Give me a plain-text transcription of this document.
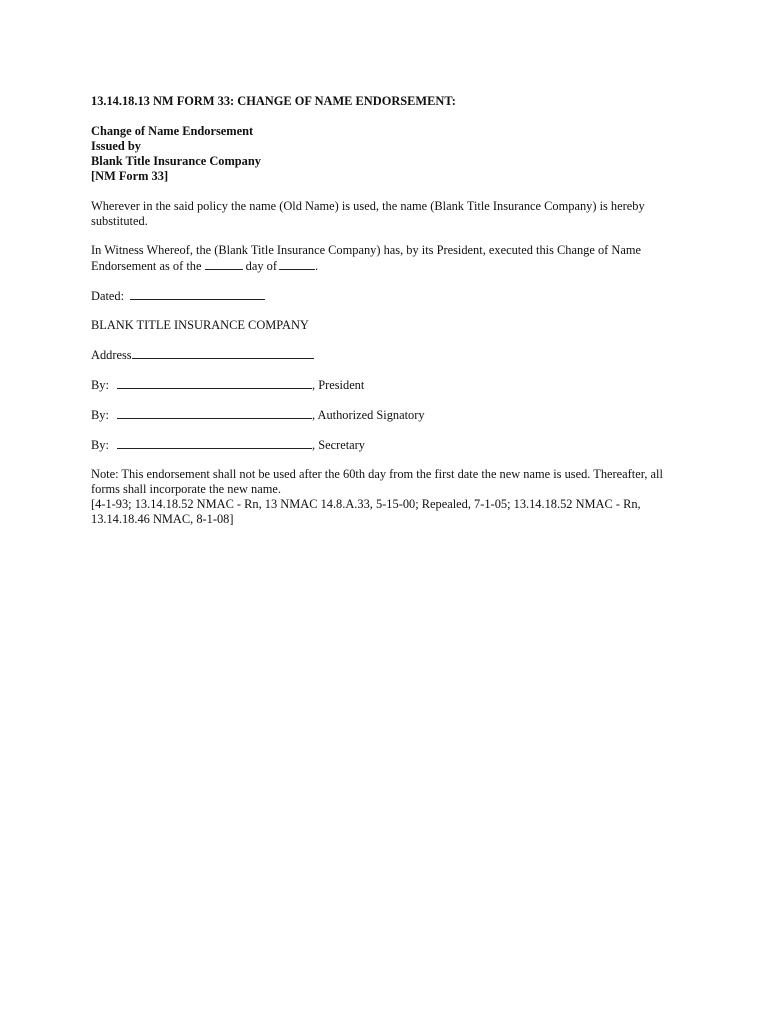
13.14.18.13 NM FORM 33: CHANGE OF NAME ENDORSEMENT:
Change of Name Endorsement
Issued by
Blank Title Insurance Company
[NM Form 33]
Wherever in the said policy the name (Old Name) is used, the name (Blank Title Insurance Company) is hereby
substituted.
In Witness Whereof, the (Blank Title Insurance Company) has, by its President, executed this Change of Name
Endorsement as of the	day of	.
Dated:
BLANK TITLE INSURANCE COMPANY
Address
By:	, President
By:	, Authorized Signatory
By:	, Secretary
Note: This endorsement shall not be used after the 60th day from the first date the new name is used. Thereafter, all
forms shall incorporate the new name.
[4-1-93; 13.14.18.52 NMAC - Rn, 13 NMAC 14.8.A.33, 5-15-00; Repealed, 7-1-05; 13.14.18.52 NMAC - Rn,
13.14.18.46 NMAC, 8-1-08]
